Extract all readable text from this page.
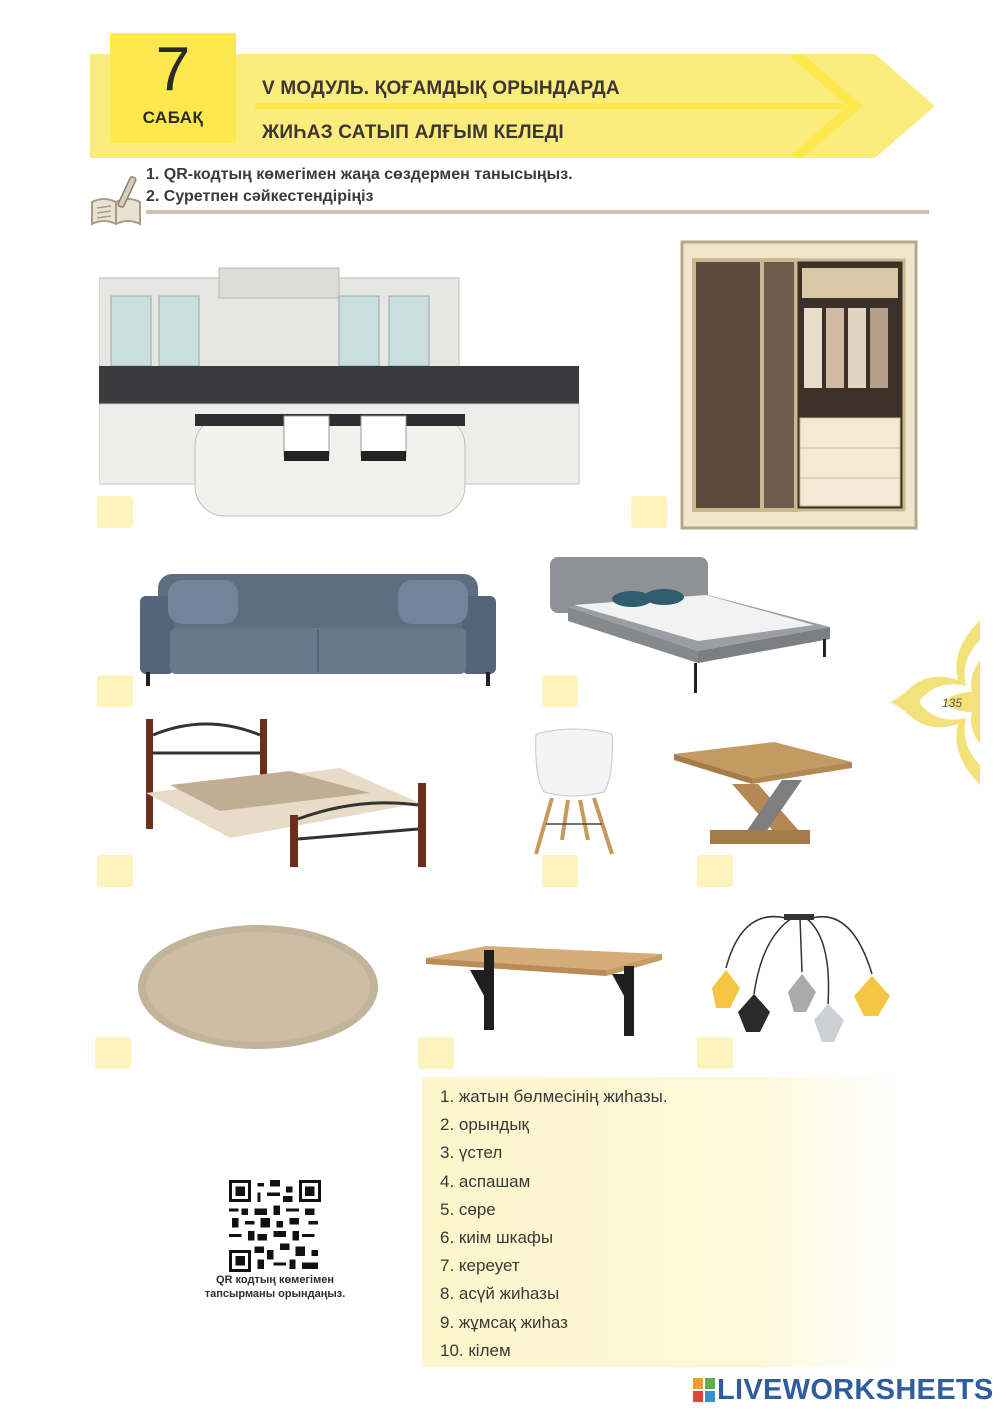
7
САБАҚ
V МОДУЛЬ. ҚОҒАМДЫҚ ОРЫНДАРДА
ЖИҺАЗ САТЫП АЛҒЫМ КЕЛЕДІ
1. QR-кодтың көмегімен жаңа сөздермен танысыңыз.
2. Суретпен сәйкестендіріңіз
135
1. жатын бөлмесінің жиһазы.
2. орындық
3. үстел
4. аспашам
5. сөре
6. киім шкафы
7. кереует
8. асүй жиһазы
9. жұмсақ жиһаз
10. кілем
QR кодтың көмегімен
тапсырманы орындаңыз.
LIVEWORKSHEETS
